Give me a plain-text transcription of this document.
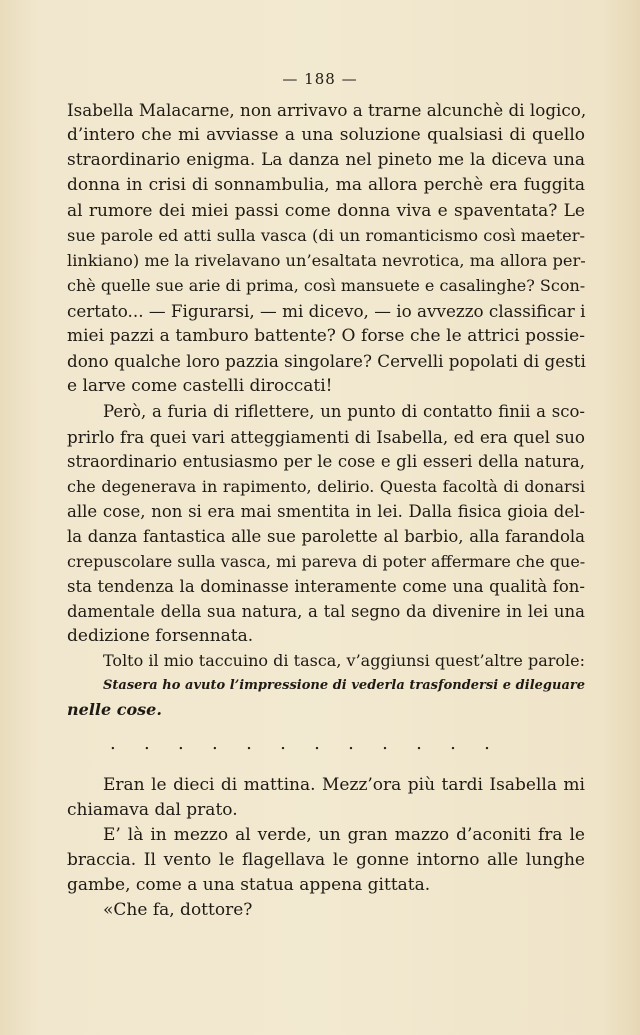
— 188 —
Isabella Malacarne, non arrivavo a trarne alcunchè di logico,
d’intero che mi avviasse a una soluzione qualsiasi di quello
straordinario enigma. La danza nel pineto me la diceva una
donna in crisi di sonnambulia, ma allora perchè era fuggita
al rumore dei miei passi come donna viva e spaventata? Le
sue parole ed atti sulla vasca (di un romanticismo così maeter-
linkiano) me la rivelavano un’esaltata nevrotica, ma allora per-
chè quelle sue arie di prima, così mansuete e casalinghe? Scon-
certato... — Figurarsi, — mi dicevo, — io avvezzo classificar i
miei pazzi a tamburo battente? O forse che le attrici possie-
dono qualche loro pazzia singolare? Cervelli popolati di gesti
e larve come castelli diroccati!
Però, a furia di riflettere, un punto di contatto finii a sco-
prirlo fra quei vari atteggiamenti di Isabella, ed era quel suo
straordinario entusiasmo per le cose e gli esseri della natura,
che degenerava in rapimento, delirio. Questa facoltà di donarsi
alle cose, non si era mai smentita in lei. Dalla fisica gioia del-
la danza fantastica alle sue parolette al barbio, alla farandola
crepuscolare sulla vasca, mi pareva di poter affermare che que-
sta tendenza la dominasse interamente come una qualità fon-
damentale della sua natura, a tal segno da divenire in lei una
dedizione forsennata.
Tolto il mio taccuino di tasca, v’aggiunsi quest’altre parole:
Stasera ho avuto l’impressione di vederla trasfondersi e dileguare
nelle cose.
. . . . . . . . . . . .
Eran le dieci di mattina. Mezz’ora più tardi Isabella mi
chiamava dal prato.
E’ là in mezzo al verde, un gran mazzo d’aconiti fra le
braccia. Il vento le flagellava le gonne intorno alle lunghe
gambe, come a una statua appena gittata.
«Che fa, dottore?
